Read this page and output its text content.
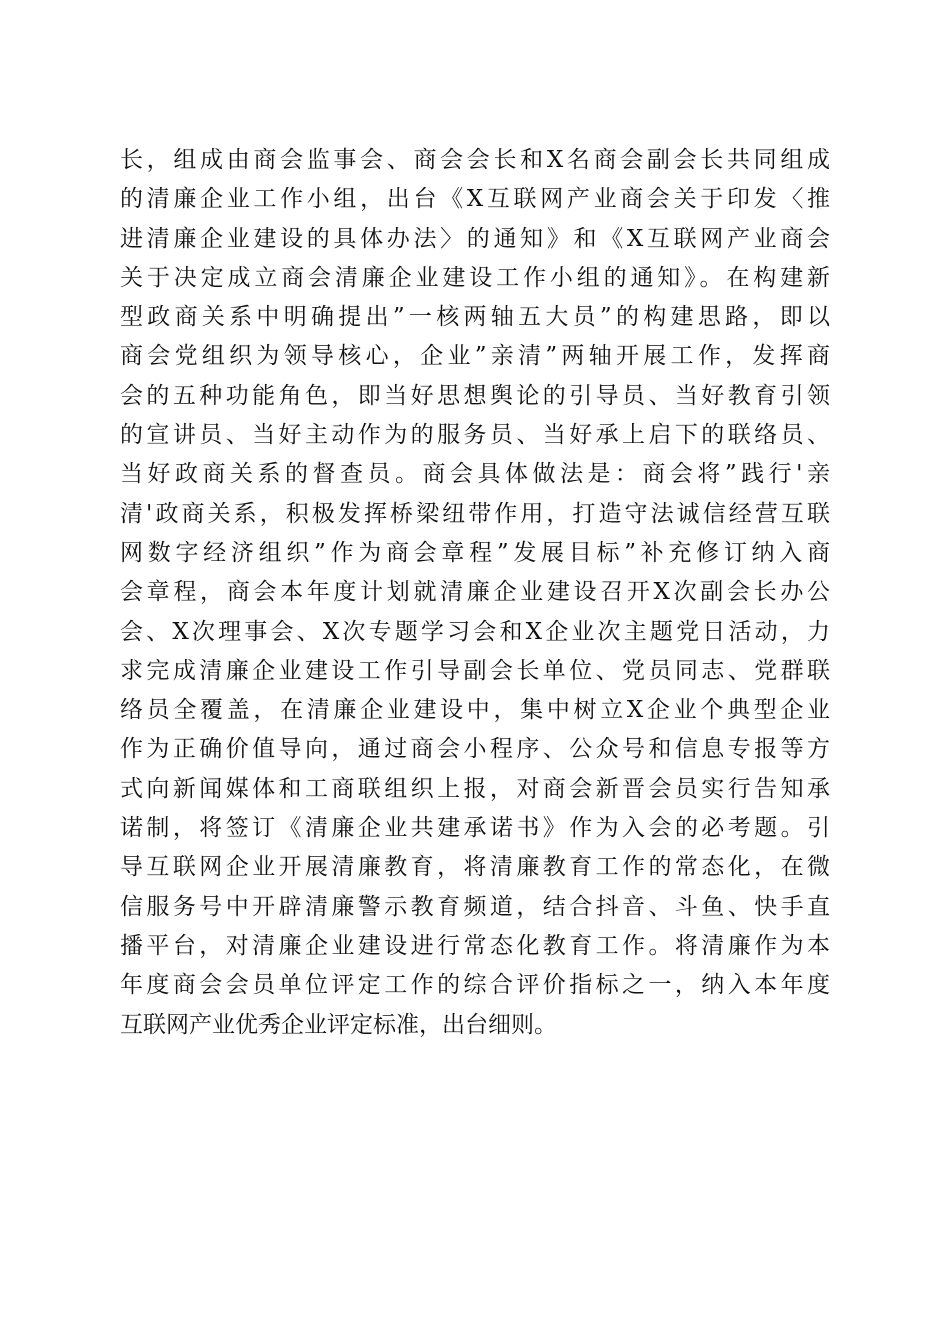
长，组成由商会监事会、商会会长和X名商会副会长共同组成
的清廉企业工作小组，出台《X互联网产业商会关于印发〈推
进清廉企业建设的具体办法〉的通知》和《X互联网产业商会
关于决定成立商会清廉企业建设工作小组的通知》。在构建新
型政商关系中明确提出”一核两轴五大员”的构建思路，即以
商会党组织为领导核心，企业”亲清”两轴开展工作，发挥商
会的五种功能角色，即当好思想舆论的引导员、当好教育引领
的宣讲员、当好主动作为的服务员、当好承上启下的联络员、
当好政商关系的督查员。商会具体做法是：商会将”践行'亲
清'政商关系，积极发挥桥梁纽带作用，打造守法诚信经营互联
网数字经济组织”作为商会章程”发展目标”补充修订纳入商
会章程，商会本年度计划就清廉企业建设召开X次副会长办公
会、X次理事会、X次专题学习会和X企业次主题党日活动，力
求完成清廉企业建设工作引导副会长单位、党员同志、党群联
络员全覆盖，在清廉企业建设中，集中树立X企业个典型企业
作为正确价值导向，通过商会小程序、公众号和信息专报等方
式向新闻媒体和工商联组织上报，对商会新晋会员实行告知承
诺制，将签订《清廉企业共建承诺书》作为入会的必考题。引
导互联网企业开展清廉教育，将清廉教育工作的常态化，在微
信服务号中开辟清廉警示教育频道，结合抖音、斗鱼、快手直
播平台，对清廉企业建设进行常态化教育工作。将清廉作为本
年度商会会员单位评定工作的综合评价指标之一，纳入本年度
互联网产业优秀企业评定标准，出台细则。
